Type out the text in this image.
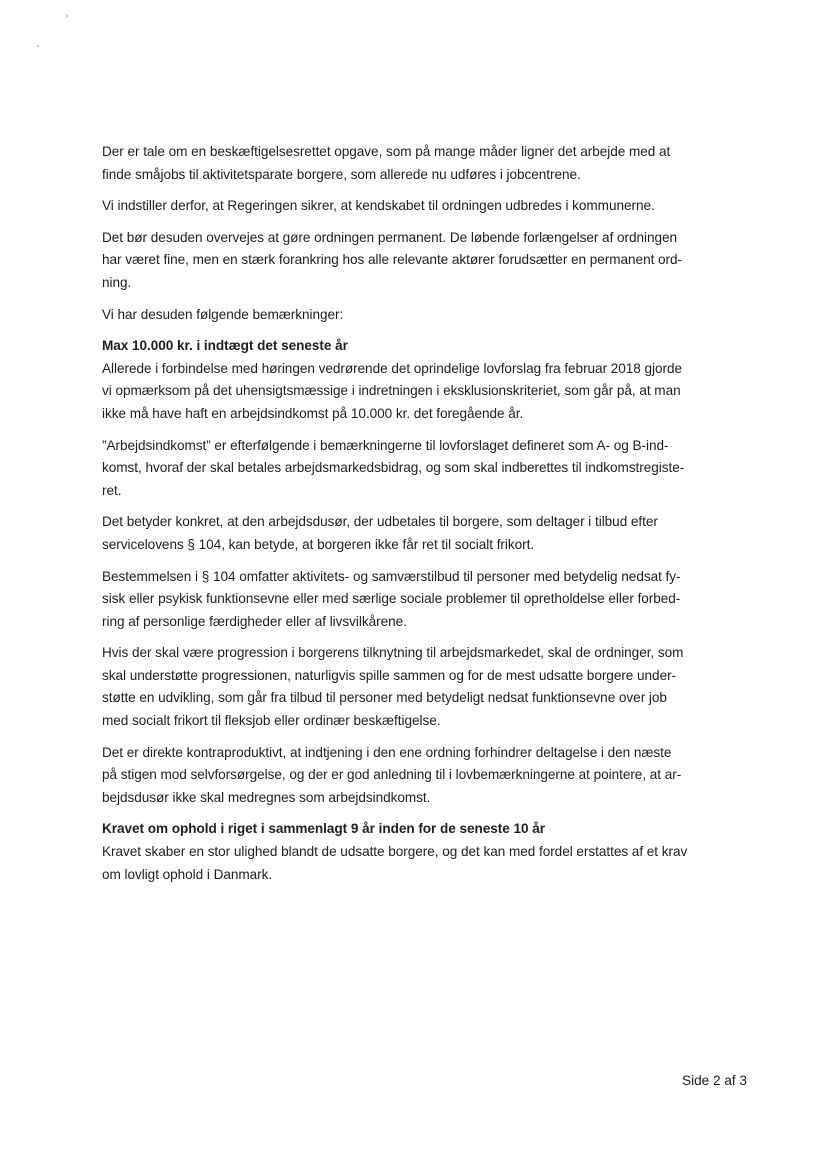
Der er tale om en beskæftigelsesrettet opgave, som på mange måder ligner det arbejde med at
finde småjobs til aktivitetsparate borgere, som allerede nu udføres i jobcentrene.

Vi indstiller derfor, at Regeringen sikrer, at kendskabet til ordningen udbredes i kommunerne.

Det bør desuden overvejes at gøre ordningen permanent. De løbende forlængelser af ordningen
har været fine, men en stærk forankring hos alle relevante aktører forudsætter en permanent ord-
ning.

Vi har desuden følgende bemærkninger:

Max 10.000 kr. i indtægt det seneste år

Allerede i forbindelse med høringen vedrørende det oprindelige lovforslag fra februar 2018 gjorde
vi opmærksom på det uhensigtsmæssige i indretningen i eksklusionskriteriet, som går på, at man
ikke må have haft en arbejdsindkomst på 10.000 kr. det foregående år.

”Arbejdsindkomst” er efterfølgende i bemærkningerne til lovforslaget defineret som A- og B-ind-
komst, hvoraf der skal betales arbejdsmarkedsbidrag, og som skal indberettes til indkomstregiste-
ret.

Det betyder konkret, at den arbejdsdusør, der udbetales til borgere, som deltager i tilbud efter
servicelovens § 104, kan betyde, at borgeren ikke får ret til socialt frikort.

Bestemmelsen i § 104 omfatter aktivitets- og samværstilbud til personer med betydelig nedsat fy-
sisk eller psykisk funktionsevne eller med særlige sociale problemer til opretholdelse eller forbed-
ring af personlige færdigheder eller af livsvilkårene.

Hvis der skal være progression i borgerens tilknytning til arbejdsmarkedet, skal de ordninger, som
skal understøtte progressionen, naturligvis spille sammen og for de mest udsatte borgere under-
støtte en udvikling, som går fra tilbud til personer med betydeligt nedsat funktionsevne over job
med socialt frikort til fleksjob eller ordinær beskæftigelse.

Det er direkte kontraproduktivt, at indtjening i den ene ordning forhindrer deltagelse i den næste
på stigen mod selvforsørgelse, og der er god anledning til i lovbemærkningerne at pointere, at ar-
bejdsdusør ikke skal medregnes som arbejdsindkomst.

Kravet om ophold i riget i sammenlagt 9 år inden for de seneste 10 år

Kravet skaber en stor ulighed blandt de udsatte borgere, og det kan med fordel erstattes af et krav
om lovligt ophold i Danmark.

Side 2 af 3
